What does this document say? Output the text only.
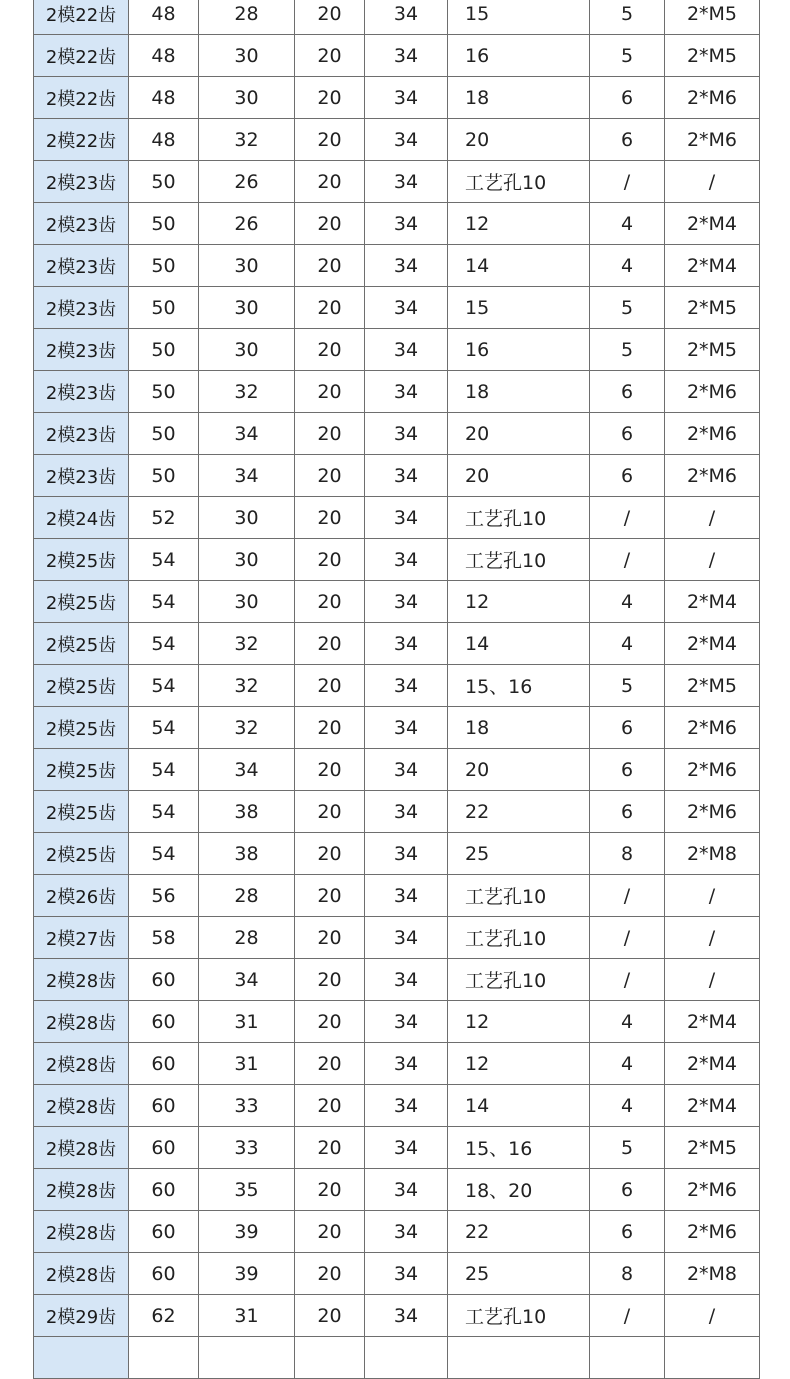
2模22齿	48	28	20	34	15	5	2*M5
2模22齿	48	30	20	34	16	5	2*M5
2模22齿	48	30	20	34	18	6	2*M6
2模22齿	48	32	20	34	20	6	2*M6
2模23齿	50	26	20	34	工艺孔10	/	/
2模23齿	50	26	20	34	12	4	2*M4
2模23齿	50	30	20	34	14	4	2*M4
2模23齿	50	30	20	34	15	5	2*M5
2模23齿	50	30	20	34	16	5	2*M5
2模23齿	50	32	20	34	18	6	2*M6
2模23齿	50	34	20	34	20	6	2*M6
2模23齿	50	34	20	34	20	6	2*M6
2模24齿	52	30	20	34	工艺孔10	/	/
2模25齿	54	30	20	34	工艺孔10	/	/
2模25齿	54	30	20	34	12	4	2*M4
2模25齿	54	32	20	34	14	4	2*M4
2模25齿	54	32	20	34	15、16	5	2*M5
2模25齿	54	32	20	34	18	6	2*M6
2模25齿	54	34	20	34	20	6	2*M6
2模25齿	54	38	20	34	22	6	2*M6
2模25齿	54	38	20	34	25	8	2*M8
2模26齿	56	28	20	34	工艺孔10	/	/
2模27齿	58	28	20	34	工艺孔10	/	/
2模28齿	60	34	20	34	工艺孔10	/	/
2模28齿	60	31	20	34	12	4	2*M4
2模28齿	60	31	20	34	12	4	2*M4
2模28齿	60	33	20	34	14	4	2*M4
2模28齿	60	33	20	34	15、16	5	2*M5
2模28齿	60	35	20	34	18、20	6	2*M6
2模28齿	60	39	20	34	22	6	2*M6
2模28齿	60	39	20	34	25	8	2*M8
2模29齿	62	31	20	34	工艺孔10	/	/
